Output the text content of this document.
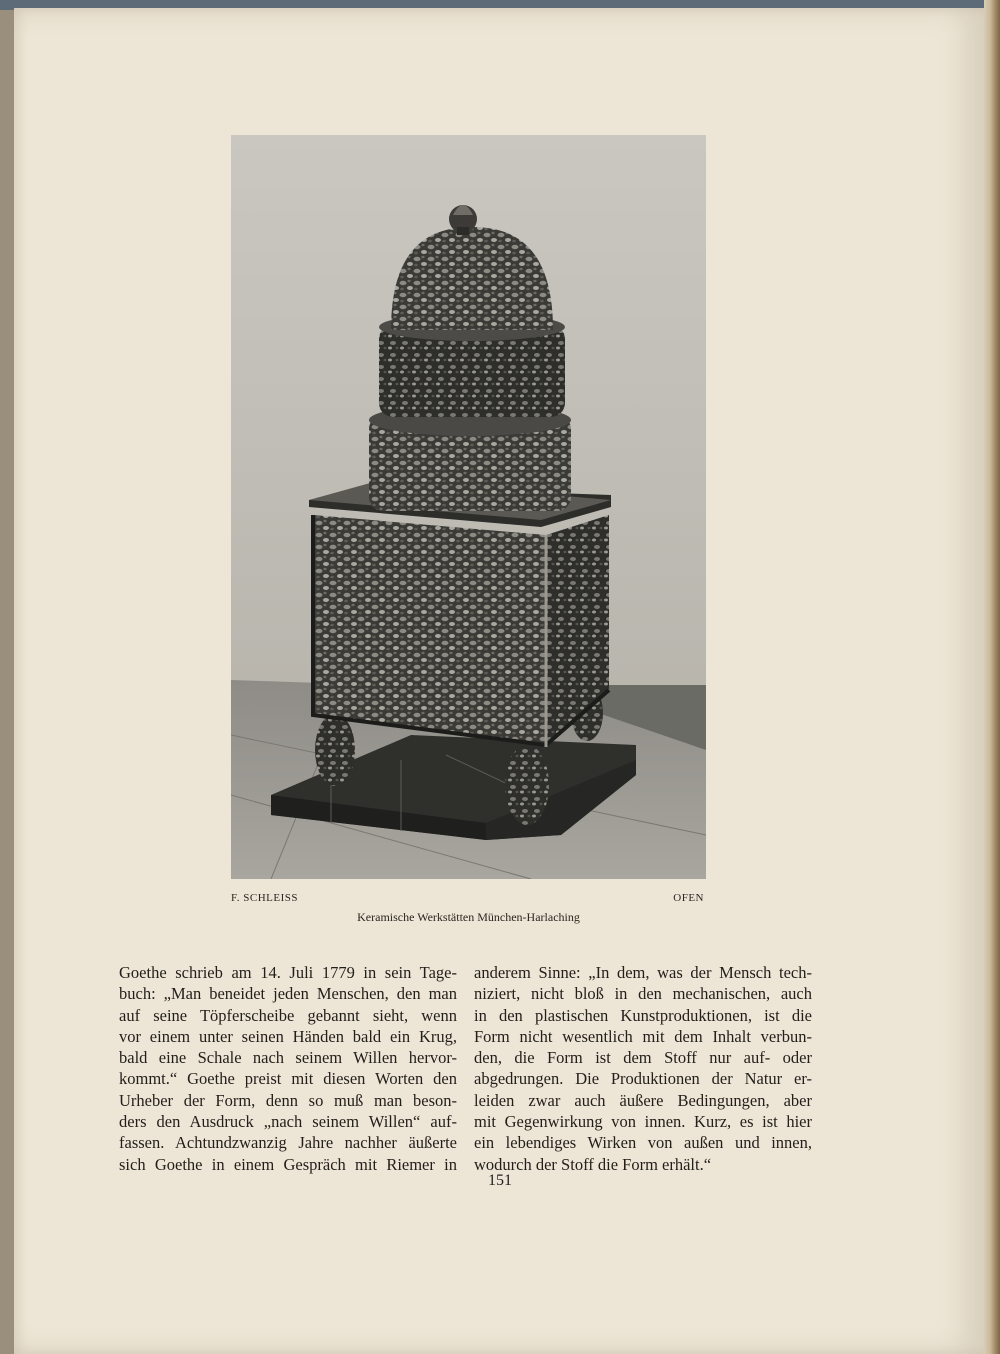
F. SCHLEISS	OFEN
Keramische Werkstätten München-Harlaching
Goethe schrieb am 14. Juli 1779 in sein Tage-
buch: „Man beneidet jeden Menschen, den man
auf seine Töpferscheibe gebannt sieht, wenn
vor einem unter seinen Händen bald ein Krug,
bald eine Schale nach seinem Willen hervor-
kommt.“ Goethe preist mit diesen Worten den
Urheber der Form, denn so muß man beson-
ders den Ausdruck „nach seinem Willen“ auf-
fassen. Achtundzwanzig Jahre nachher äußerte
sich Goethe in einem Gespräch mit Riemer in
anderem Sinne: „In dem, was der Mensch tech-
niziert, nicht bloß in den mechanischen, auch
in den plastischen Kunstproduktionen, ist die
Form nicht wesentlich mit dem Inhalt verbun-
den, die Form ist dem Stoff nur auf- oder
abgedrungen. Die Produktionen der Natur er-
leiden zwar auch äußere Bedingungen, aber
mit Gegenwirkung von innen. Kurz, es ist hier
ein lebendiges Wirken von außen und innen,
wodurch der Stoff die Form erhält.“
151
